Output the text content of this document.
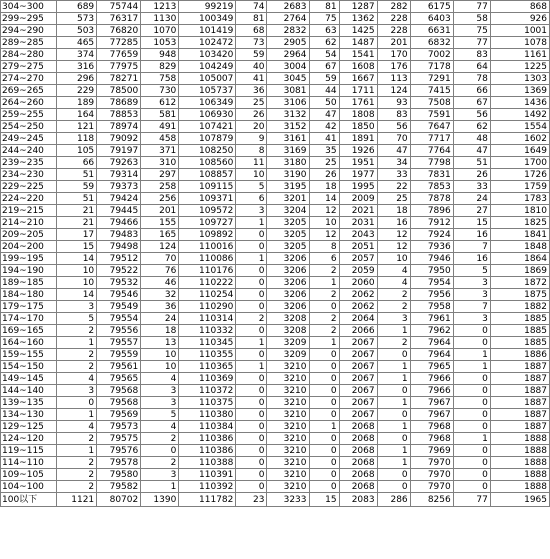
304~300	689	75744	1213	99219	74	2683	81	1287	282	6175	77	868
299~295	573	76317	1130	100349	81	2764	75	1362	228	6403	58	926
294~290	503	76820	1070	101419	68	2832	63	1425	228	6631	75	1001
289~285	465	77285	1053	102472	73	2905	62	1487	201	6832	77	1078
284~280	374	77659	948	103420	59	2964	54	1541	170	7002	83	1161
279~275	316	77975	829	104249	40	3004	67	1608	176	7178	64	1225
274~270	296	78271	758	105007	41	3045	59	1667	113	7291	78	1303
269~265	229	78500	730	105737	36	3081	44	1711	124	7415	66	1369
264~260	189	78689	612	106349	25	3106	50	1761	93	7508	67	1436
259~255	164	78853	581	106930	26	3132	47	1808	83	7591	56	1492
254~250	121	78974	491	107421	20	3152	42	1850	56	7647	62	1554
249~245	118	79092	458	107879	9	3161	41	1891	70	7717	48	1602
244~240	105	79197	371	108250	8	3169	35	1926	47	7764	47	1649
239~235	66	79263	310	108560	11	3180	25	1951	34	7798	51	1700
234~230	51	79314	297	108857	10	3190	26	1977	33	7831	26	1726
229~225	59	79373	258	109115	5	3195	18	1995	22	7853	33	1759
224~220	51	79424	256	109371	6	3201	14	2009	25	7878	24	1783
219~215	21	79445	201	109572	3	3204	12	2021	18	7896	27	1810
214~210	21	79466	155	109727	1	3205	10	2031	16	7912	15	1825
209~205	17	79483	165	109892	0	3205	12	2043	12	7924	16	1841
204~200	15	79498	124	110016	0	3205	8	2051	12	7936	7	1848
199~195	14	79512	70	110086	1	3206	6	2057	10	7946	16	1864
194~190	10	79522	76	110176	0	3206	2	2059	4	7950	5	1869
189~185	10	79532	46	110222	0	3206	1	2060	4	7954	3	1872
184~180	14	79546	32	110254	0	3206	2	2062	2	7956	3	1875
179~175	3	79549	36	110290	0	3206	0	2062	2	7958	7	1882
174~170	5	79554	24	110314	2	3208	2	2064	3	7961	3	1885
169~165	2	79556	18	110332	0	3208	2	2066	1	7962	0	1885
164~160	1	79557	13	110345	1	3209	1	2067	2	7964	0	1885
159~155	2	79559	10	110355	0	3209	0	2067	0	7964	1	1886
154~150	2	79561	10	110365	1	3210	0	2067	1	7965	1	1887
149~145	4	79565	4	110369	0	3210	0	2067	1	7966	0	1887
144~140	3	79568	3	110372	0	3210	0	2067	0	7966	0	1887
139~135	0	79568	3	110375	0	3210	0	2067	1	7967	0	1887
134~130	1	79569	5	110380	0	3210	0	2067	0	7967	0	1887
129~125	4	79573	4	110384	0	3210	1	2068	1	7968	0	1887
124~120	2	79575	2	110386	0	3210	0	2068	0	7968	1	1888
119~115	1	79576	0	110386	0	3210	0	2068	1	7969	0	1888
114~110	2	79578	2	110388	0	3210	0	2068	1	7970	0	1888
109~105	2	79580	3	110391	0	3210	0	2068	0	7970	0	1888
104~100	2	79582	1	110392	0	3210	0	2068	0	7970	0	1888
100以下	1121	80702	1390	111782	23	3233	15	2083	286	8256	77	1965
